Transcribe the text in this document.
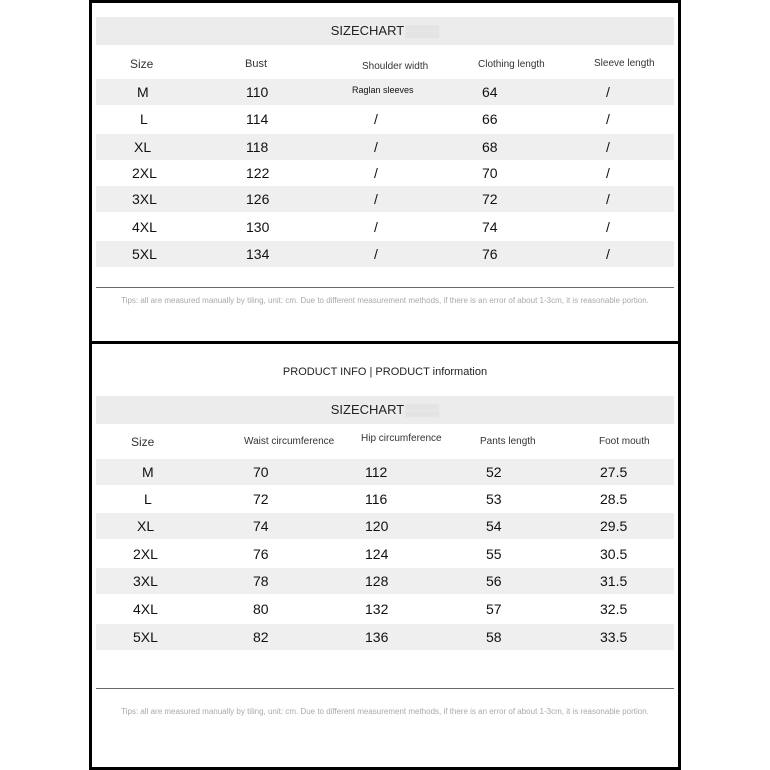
SIZECHART▒▒▒▒
Size	Bust	Shoulder width	Clothing length	Sleeve length
M	110	Raglan sleeves	64	/
L	114	/	66	/
XL	118	/	68	/
2XL	122	/	70	/
3XL	126	/	72	/
4XL	130	/	74	/
5XL	134	/	76	/
Tips: all are measured manually by tiling, unit: cm. Due to different measurement methods, if there is an error of about 1-3cm, it is reasonable portion.
PRODUCT INFO | PRODUCT information
SIZECHART▒▒▒▒
Size	Waist circumference	Hip circumference	Pants length	Foot mouth
M	70	112	52	27.5
L	72	116	53	28.5
XL	74	120	54	29.5
2XL	76	124	55	30.5
3XL	78	128	56	31.5
4XL	80	132	57	32.5
5XL	82	136	58	33.5
Tips: all are measured manually by tiling, unit: cm. Due to different measurement methods, if there is an error of about 1-3cm, it is reasonable portion.
